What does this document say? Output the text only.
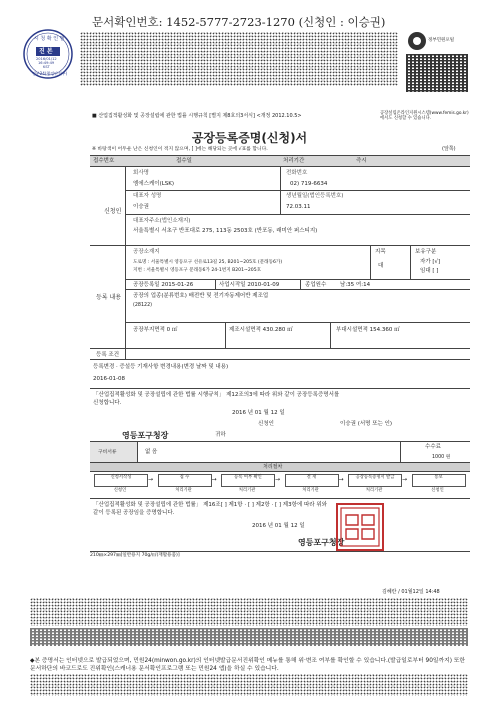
시 청 확 인 필
진 본
2016/01/12
16:49:49
KST
정부24(행정안전부)
문서확인번호: 1452-5777-2723-1270 (신청인 : 이승권)
정부민원포털
■ 산업집적활성화 및 공장설립에 관한 법률 시행규칙 [별지 제8호의3서식] <개정 2012.10.5>	공장설립온라인지원시스템(www.femis.go.kr)에서도 신청할 수 있습니다.
공장등록증명(신청)서
※ 바탕색이 어두운 난은 신청인이 적지 않으며, [ ]에는 해당되는 곳에 √표를 합니다.	(앞쪽)
접수번호	접수일	처리기간	즉시
신청인
회사명
엠에스케이(LSK)
전화번호
02) 719-6634
대표자 성명
이승권
생년월일(법인등록번호)
72.03.11
대표자주소(법인소재지)
서울특별시 서초구 반포대로 275, 113동 2503호 (반포동, 래미안 퍼스티지)
등록 내용
공장소재지
도로명 : 서울특별시 영등포구 선유로13길 25, B201~205호 (문래동6가)
지번 : 서울특별시 영등포구 문래동6가 24-1번지 B201~205호
지목
대
보유구분
자가 [√]
임대 [ ]
공장등록일 2015-01-26	사업시작일 2010-01-09	종업원수 남:35 여:14
공장의 업종(분류번호) 배전반 및 전기자동제어반 제조업
(28122)
공장부지면적 0 ㎡	제조시설면적 430.280 ㎡	부대시설면적 154.360 ㎡
등록 조건
등록변경 · 증설등 기재사항 변경내용(변경 날짜 및 내용)
2016-01-08
「산업집적활성화 및 공장설립에 관한 법률 시행규칙」 제12조의3에 따라 위와 같이 공장등록증명서를
신청합니다.
2016 년 01 월 12 일
신청인	이승권 (서명 또는 인)
영등포구청장	귀하
구비서류	없 음
수수료
1000 원
처리절차
신청서작성
신청인
→	접 수
처리기관
→	등록 여부 확인
처리기관
→	결 재
처리기관
→	공장등록증명서 발급
처리기관
→	통보
신청인
「산업집적활성화 및 공장설립에 관한 법률」 제16조[ ] 제1항 · [ ] 제2항 · [ ] 제3항에 따라 위와
같이 등록된 공장임을 증명합니다.
2016 년 01 월 12 일
영등포구청장
210㎜×297㎜[일반용지 70g/㎡(재활용품)]
김혜란 / 01월12일 14:48
◆본 증명서는 인터넷으로 발급되었으며, 민원24(minwon.go.kr)의 인터넷발급문서진위확인 메뉴를 통해 위·변조 여부를 확인할 수 있습니다.(발급일로부터 90일까지) 또한 문서하단의 바코드로도 진위확인(스캐너용 문서확인프로그램 또는 민원24 앱)을 하실 수 있습니다.
